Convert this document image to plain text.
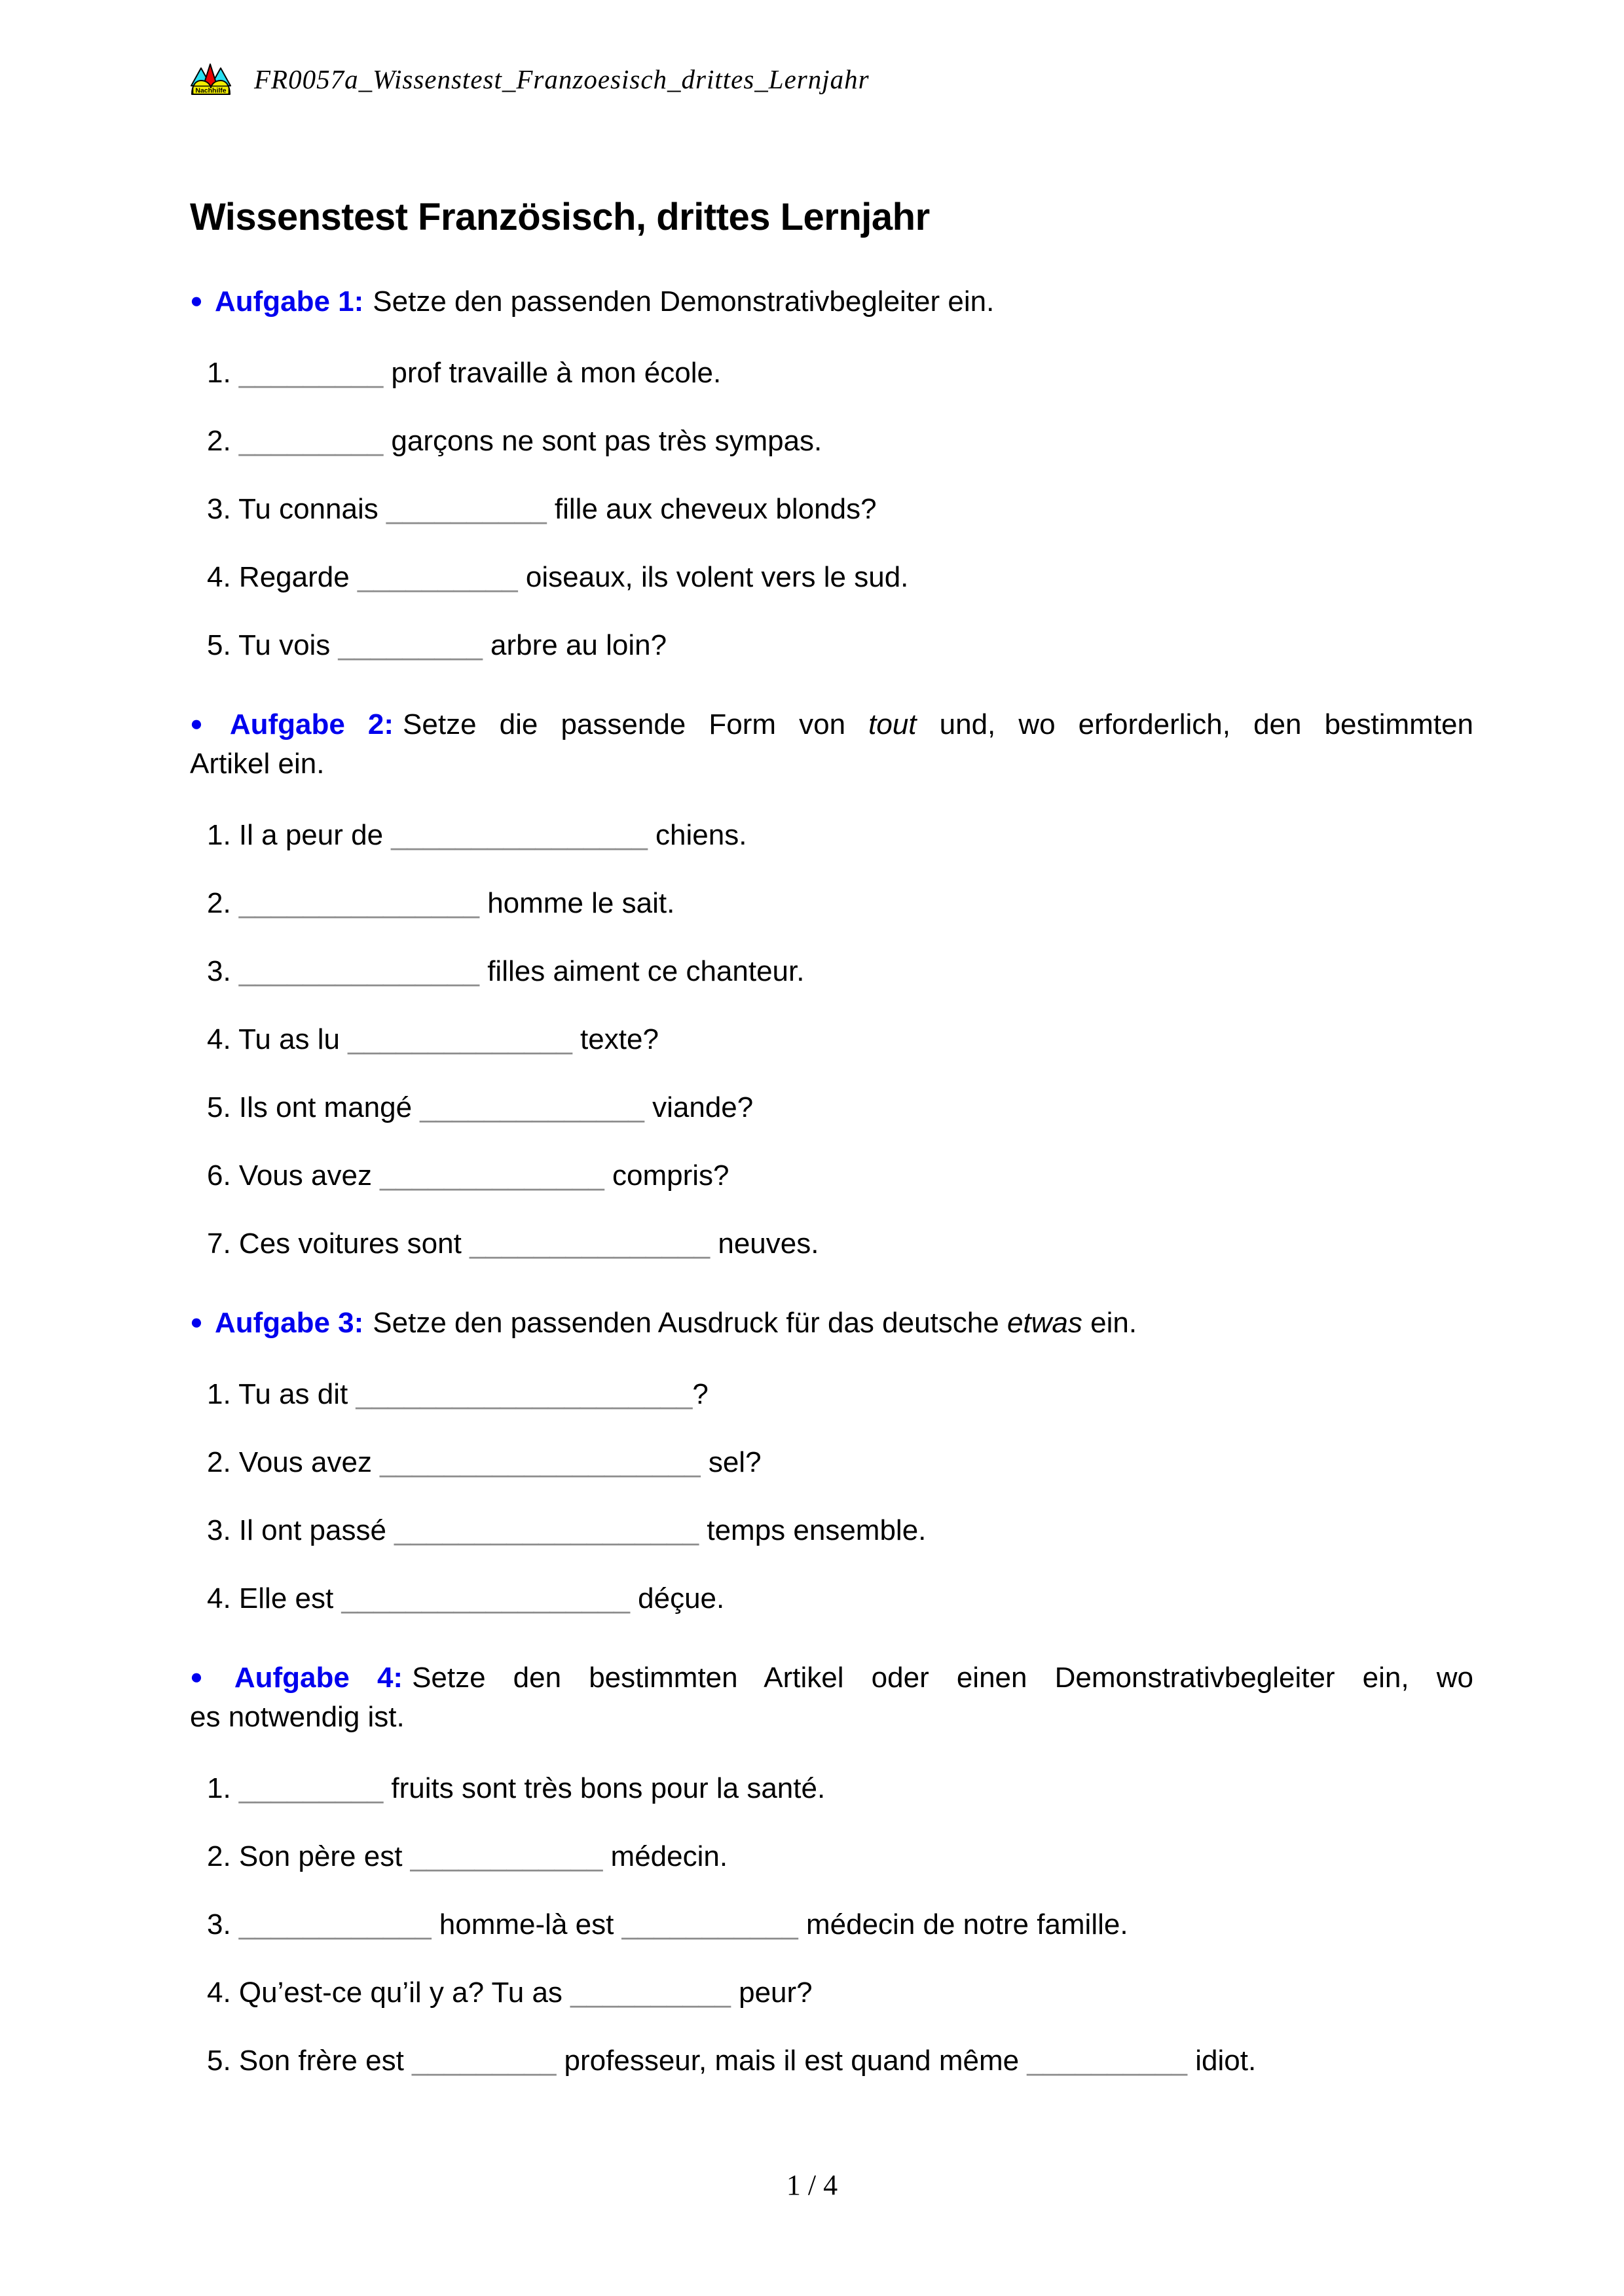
Nachhilfe FR0057a_Wissenstest_Franzoesisch_drittes_Lernjahr
Wissenstest Französisch, drittes Lernjahr
● Aufgabe 1: Setze den passenden Demonstrativbegleiter ein.
1. _________ prof travaille à mon école.
2. _________ garçons ne sont pas très sympas.
3. Tu connais __________ fille aux cheveux blonds?
4. Regarde __________ oiseaux, ils volent vers le sud.
5. Tu vois _________ arbre au loin?
● Aufgabe 2: Setze die passende Form von tout und, wo erforderlich, den bestimmten
Artikel ein.
1. Il a peur de ________________ chiens.
2. _______________ homme le sait.
3. _______________ filles aiment ce chanteur.
4. Tu as lu ______________ texte?
5. Ils ont mangé ______________ viande?
6. Vous avez ______________ compris?
7. Ces voitures sont _______________ neuves.
● Aufgabe 3: Setze den passenden Ausdruck für das deutsche etwas ein.
1. Tu as dit _____________________?
2. Vous avez ____________________ sel?
3. Il ont passé ___________________ temps ensemble.
4. Elle est __________________ déçue.
● Aufgabe 4: Setze den bestimmten Artikel oder einen Demonstrativbegleiter ein, wo
es notwendig ist.
1. _________ fruits sont très bons pour la santé.
2. Son père est ____________ médecin.
3. ____________ homme-là est ___________ médecin de notre famille.
4. Qu’est-ce qu’il y a? Tu as __________ peur?
5. Son frère est _________ professeur, mais il est quand même __________ idiot.
1 / 4
